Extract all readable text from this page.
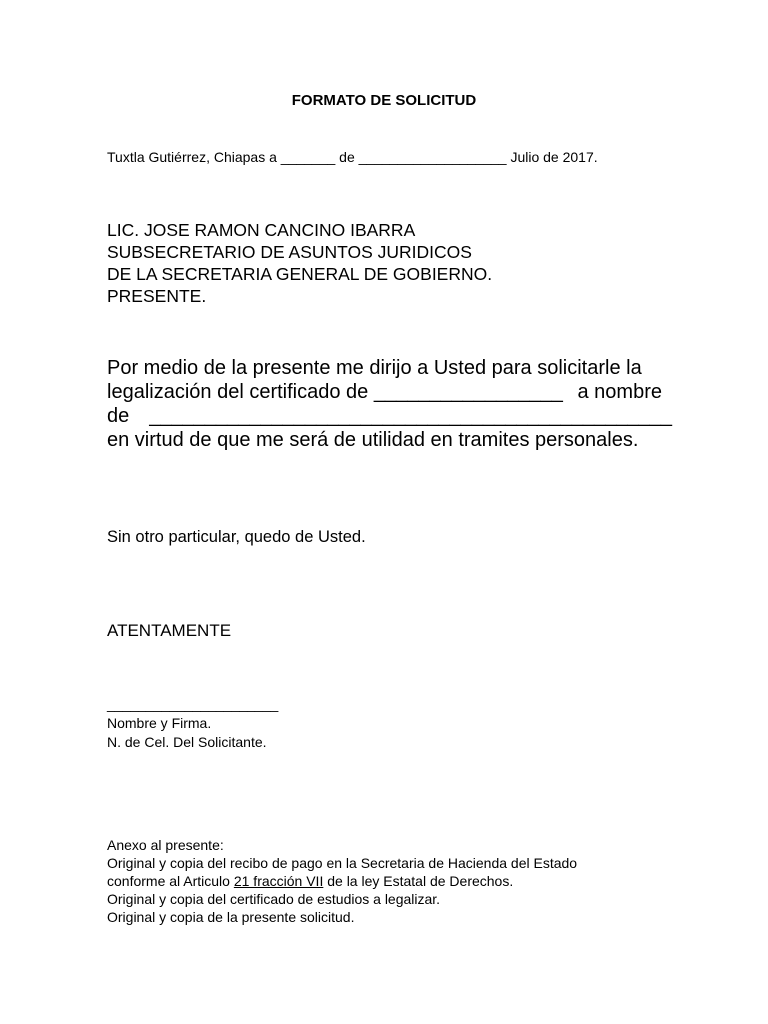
FORMATO DE SOLICITUD
Tuxtla Gutiérrez, Chiapas a _______ de ___________________ Julio de 2017.
LIC. JOSE RAMON CANCINO IBARRA
SUBSECRETARIO DE ASUNTOS JURIDICOS
DE LA SECRETARIA GENERAL DE GOBIERNO.
PRESENTE.
Por medio de la presente me dirijo a Usted para solicitarle la
legalización del certificado de _________________ a nombre
de _______________________________________________
en virtud de que me será de utilidad en tramites personales.
Sin otro particular, quedo de Usted.
ATENTAMENTE
______________________
Nombre y Firma.
N. de Cel. Del Solicitante.
Anexo al presente:
Original y copia del recibo de pago en la Secretaria de Hacienda del Estado
conforme al Articulo 21 fracción VII de la ley Estatal de Derechos.
Original y copia del certificado de estudios a legalizar.
Original y copia de la presente solicitud.
